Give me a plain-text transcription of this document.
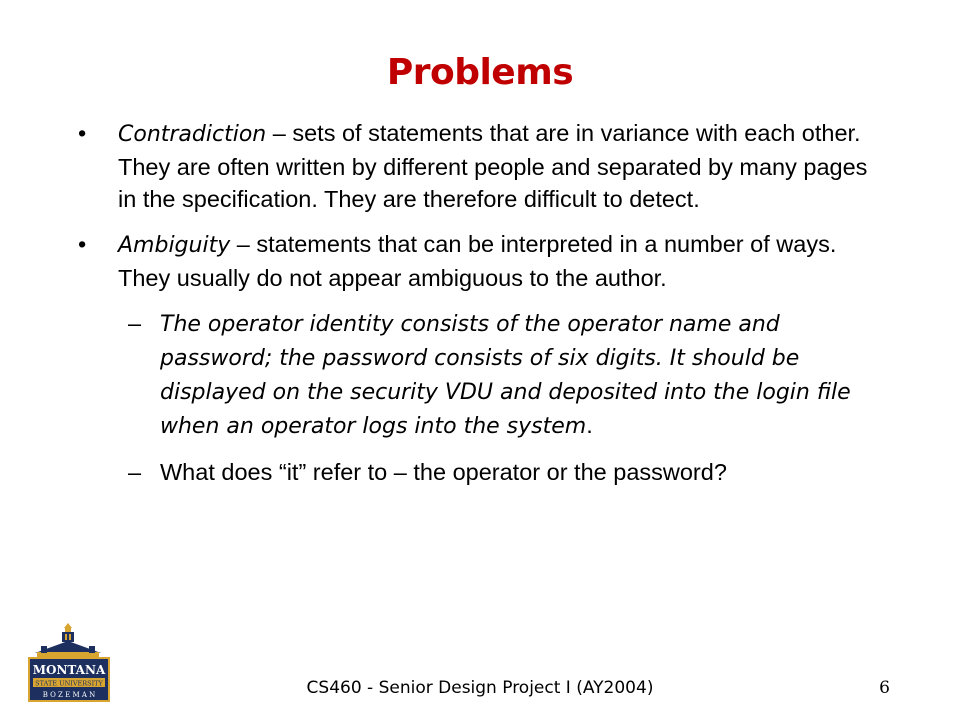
Problems
• Contradiction – sets of statements that are in variance with each other. They are often written by different people and separated by many pages in the specification. They are therefore difficult to detect.
• Ambiguity – statements that can be interpreted in a number of ways. They usually do not appear ambiguous to the author.
– The operator identity consists of the operator name and password; the password consists of six digits. It should be displayed on the security VDU and deposited into the login file when an operator logs into the system.
– What does “it” refer to – the operator or the password?
MONTANA
STATE UNIVERSITY
B O Z E M A N	CS460 - Senior Design Project I (AY2004)	6
